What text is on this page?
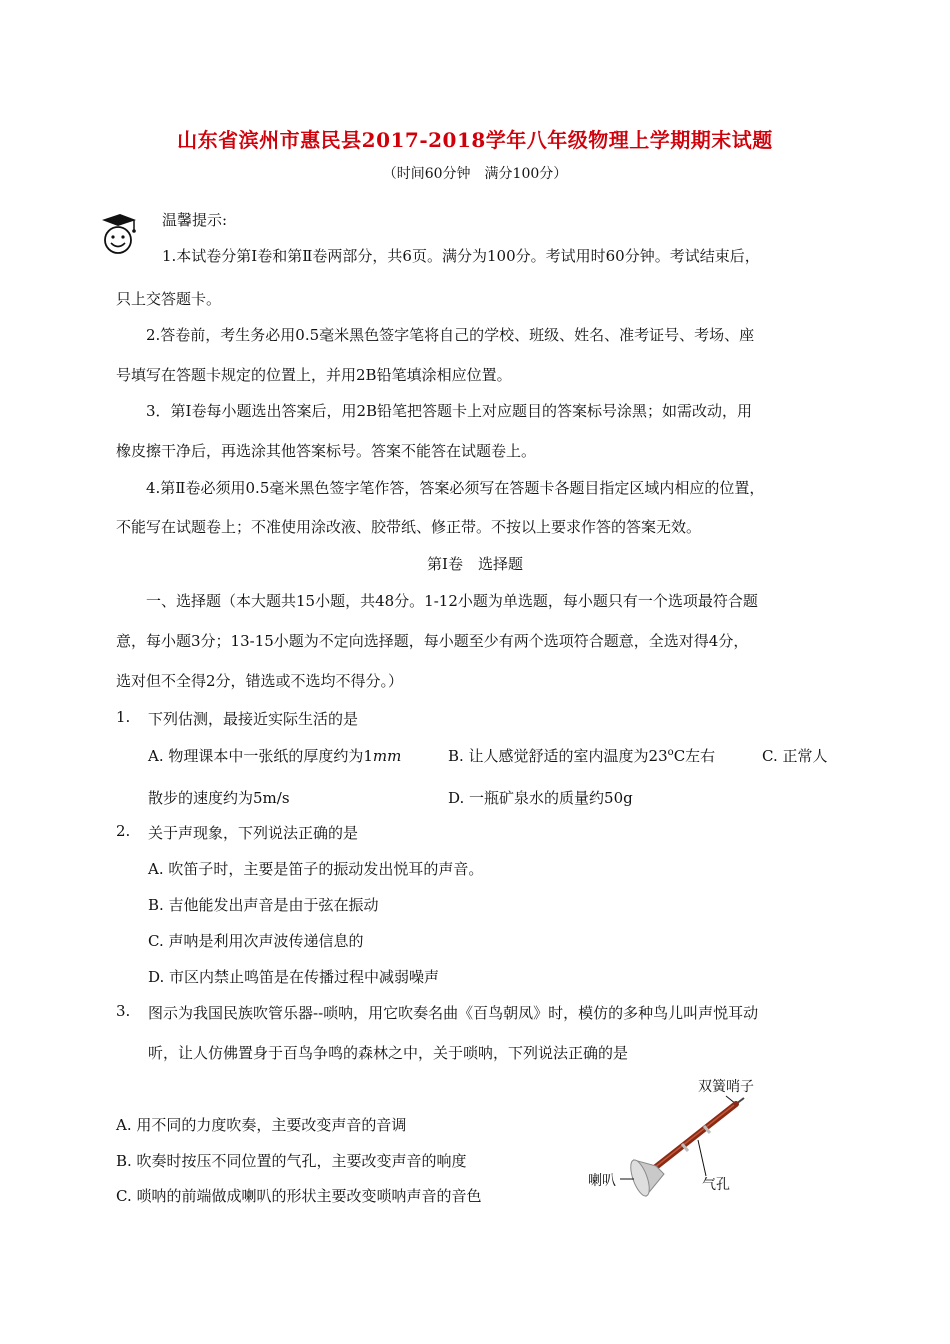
山东省滨州市惠民县2017-2018学年八年级物理上学期期末试题
（时间60分钟　满分100分）
温馨提示:
1.本试卷分第Ⅰ卷和第Ⅱ卷两部分，共6页。满分为100分。考试用时60分钟。考试结束后，
只上交答题卡。
2.答卷前，考生务必用0.5毫米黑色签字笔将自己的学校、班级、姓名、准考证号、考场、座
号填写在答题卡规定的位置上，并用2B铅笔填涂相应位置。
3．第Ⅰ卷每小题选出答案后，用2B铅笔把答题卡上对应题目的答案标号涂黑；如需改动，用
橡皮擦干净后，再选涂其他答案标号。答案不能答在试题卷上。
4.第Ⅱ卷必须用0.5毫米黑色签字笔作答，答案必须写在答题卡各题目指定区域内相应的位置，
不能写在试题卷上；不准使用涂改液、胶带纸、修正带。不按以上要求作答的答案无效。
第Ⅰ卷　选择题
一、选择题（本大题共15小题，共48分。1-12小题为单选题，每小题只有一个选项最符合题
意，每小题3分；13-15小题为不定向选择题，每小题至少有两个选项符合题意，全选对得4分，
选对但不全得2分，错选或不选均不得分。）
1. 下列估测，最接近实际生活的是
A. 物理课本中一张纸的厚度约为1mm	B. 让人感觉舒适的室内温度为23$^o$C左右	C. 正常人
散步的速度约为5m/s	D. 一瓶矿泉水的质量约50g
2. 关于声现象，下列说法正确的是
A. 吹笛子时，主要是笛子的振动发出悦耳的声音。
B. 吉他能发出声音是由于弦在振动
C. 声呐是利用次声波传递信息的
D. 市区内禁止鸣笛是在传播过程中减弱噪声
3. 图示为我国民族吹管乐器--唢呐，用它吹奏名曲《百鸟朝凤》时，模仿的多种鸟儿叫声悦耳动
听，让人仿佛置身于百鸟争鸣的森林之中，关于唢呐，下列说法正确的是
A. 用不同的力度吹奏，主要改变声音的音调
B. 吹奏时按压不同位置的气孔，主要改变声音的响度
C. 唢呐的前端做成喇叭的形状主要改变唢呐声音的音色
双簧哨子
喇叭	气孔
